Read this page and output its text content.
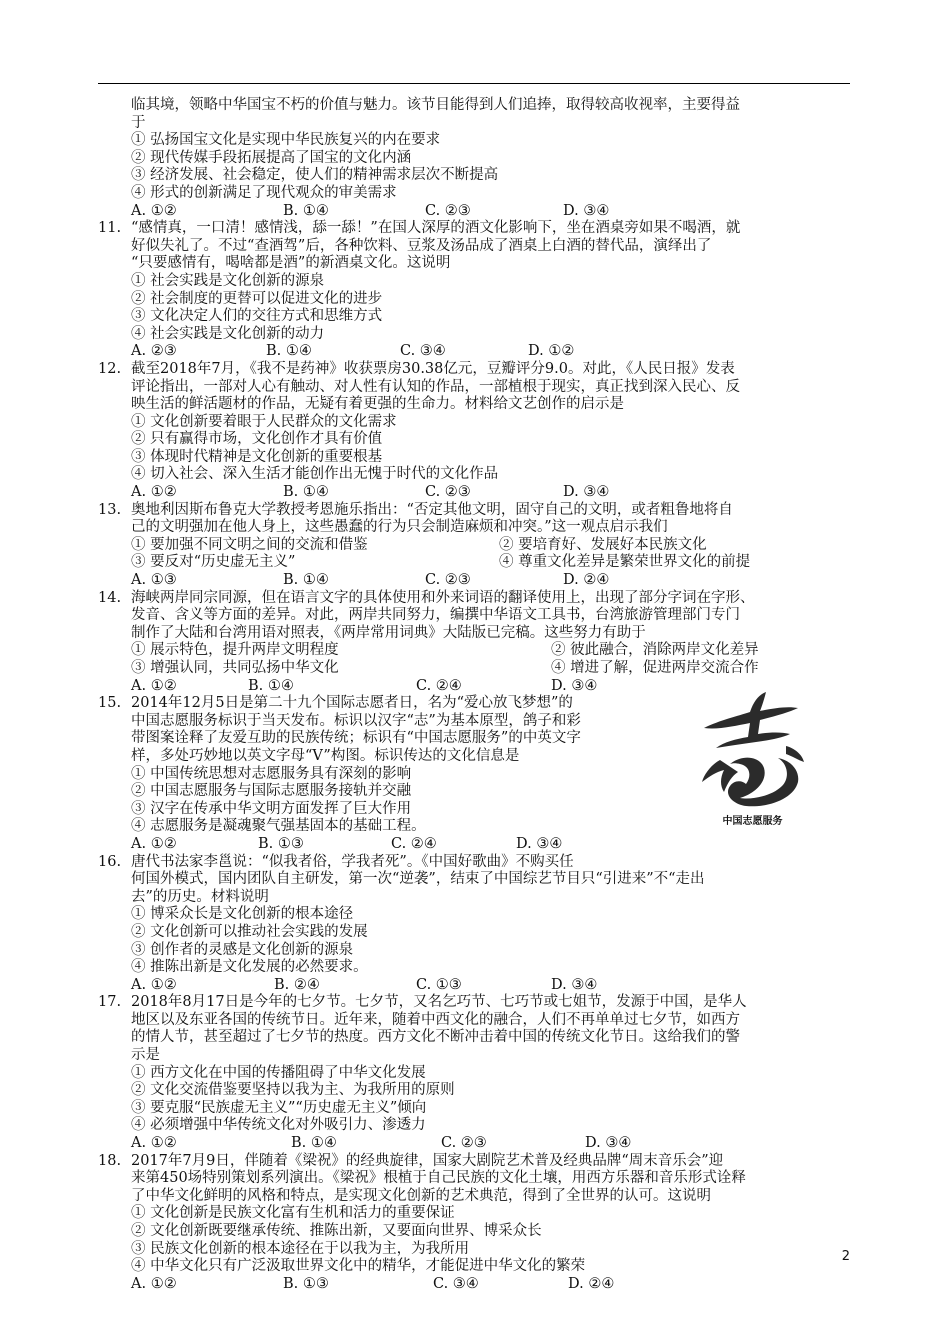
临其境，领略中华国宝不朽的价值与魅力。该节目能得到人们追捧，取得较高收视率，主要得益
于
① 弘扬国宝文化是实现中华民族复兴的内在要求
② 现代传媒手段拓展提高了国宝的文化内涵
③ 经济发展、社会稳定，使人们的精神需求层次不断提高
④ 形式的创新满足了现代观众的审美需求
A. ①②	B. ①④	C. ②③	D. ③④
11. “感情真，一口清！感情浅，舔一舔！”在国人深厚的酒文化影响下，坐在酒桌旁如果不喝酒，就
好似失礼了。不过“查酒驾”后，各种饮料、豆浆及汤品成了酒桌上白酒的替代品，演绎出了
“只要感情有，喝啥都是酒”的新酒桌文化。这说明
① 社会实践是文化创新的源泉
② 社会制度的更替可以促进文化的进步
③ 文化决定人们的交往方式和思维方式
④ 社会实践是文化创新的动力
A. ②③	B. ①④	C. ③④	D. ①②
12. 截至2018年7月，《我不是药神》收获票房30.38亿元，豆瓣评分9.0。对此，《人民日报》发表
评论指出，一部对人心有触动、对人性有认知的作品，一部植根于现实，真正找到深入民心、反
映生活的鲜活题材的作品，无疑有着更强的生命力。材料给文艺创作的启示是
① 文化创新要着眼于人民群众的文化需求
② 只有赢得市场，文化创作才具有价值
③ 体现时代精神是文化创新的重要根基
④ 切入社会、深入生活才能创作出无愧于时代的文化作品
A. ①②	B. ①④	C. ②③	D. ③④
13. 奥地利因斯布鲁克大学教授考恩施乐指出：“否定其他文明，固守自己的文明，或者粗鲁地将自
己的文明强加在他人身上，这些愚蠢的行为只会制造麻烦和冲突。”这一观点启示我们
① 要加强不同文明之间的交流和借鉴	② 要培育好、发展好本民族文化
③ 要反对“历史虚无主义”	④ 尊重文化差异是繁荣世界文化的前提
A. ①③	B. ①④	C. ②③	D. ②④
14. 海峡两岸同宗同源，但在语言文字的具体使用和外来词语的翻译使用上，出现了部分字词在字形、
发音、含义等方面的差异。对此，两岸共同努力，编撰中华语文工具书，台湾旅游管理部门专门
制作了大陆和台湾用语对照表，《两岸常用词典》大陆版已完稿。这些努力有助于
① 展示特色，提升两岸文明程度	② 彼此融合，消除两岸文化差异
③ 增强认同，共同弘扬中华文化	④ 增进了解，促进两岸交流合作
A. ①②	B. ①④	C. ②④	D. ③④
15. 2014年12月5日是第二十九个国际志愿者日，名为“爱心放飞梦想”的
中国志愿服务标识于当天发布。标识以汉字“志”为基本原型，鸽子和彩
带图案诠释了友爱互助的民族传统；标识有“中国志愿服务”的中英文字
样，多处巧妙地以英文字母“V”构图。标识传达的文化信息是
① 中国传统思想对志愿服务具有深刻的影响
② 中国志愿服务与国际志愿服务接轨并交融
③ 汉字在传承中华文明方面发挥了巨大作用
④ 志愿服务是凝魂聚气强基固本的基础工程。
A. ①②	B. ①③	C. ②④	D. ③④
16. 唐代书法家李邕说：“似我者俗，学我者死”。《中国好歌曲》不购买任
何国外模式，国内团队自主研发，第一次“逆袭”，结束了中国综艺节目只“引进来”不“走出
去”的历史。材料说明
① 博采众长是文化创新的根本途径
② 文化创新可以推动社会实践的发展
③ 创作者的灵感是文化创新的源泉
④ 推陈出新是文化发展的必然要求。
A. ①②	B. ②④	C. ①③	D. ③④
17. 2018年8月17日是今年的七夕节。七夕节，又名乞巧节、七巧节或七姐节，发源于中国，是华人
地区以及东亚各国的传统节日。近年来，随着中西文化的融合，人们不再单单过七夕节，如西方
的情人节，甚至超过了七夕节的热度。西方文化不断冲击着中国的传统文化节日。这给我们的警
示是
① 西方文化在中国的传播阻碍了中华文化发展
② 文化交流借鉴要坚持以我为主、为我所用的原则
③ 要克服“民族虚无主义”“历史虚无主义”倾向
④ 必须增强中华传统文化对外吸引力、渗透力
A. ①②	B. ①④	C. ②③	D. ③④
18. 2017年7月9日，伴随着《梁祝》的经典旋律，国家大剧院艺术普及经典品牌“周末音乐会”迎
来第450场特别策划系列演出。《梁祝》根植于自己民族的文化土壤，用西方乐器和音乐形式诠释
了中华文化鲜明的风格和特点，是实现文化创新的艺术典范，得到了全世界的认可。这说明
① 文化创新是民族文化富有生机和活力的重要保证
② 文化创新既要继承传统、推陈出新，又要面向世界、博采众长
③ 民族文化创新的根本途径在于以我为主，为我所用
④ 中华文化只有广泛汲取世界文化中的精华，才能促进中华文化的繁荣
A. ①②	B. ①③	C. ③④	D. ②④
中国志愿服务
2
